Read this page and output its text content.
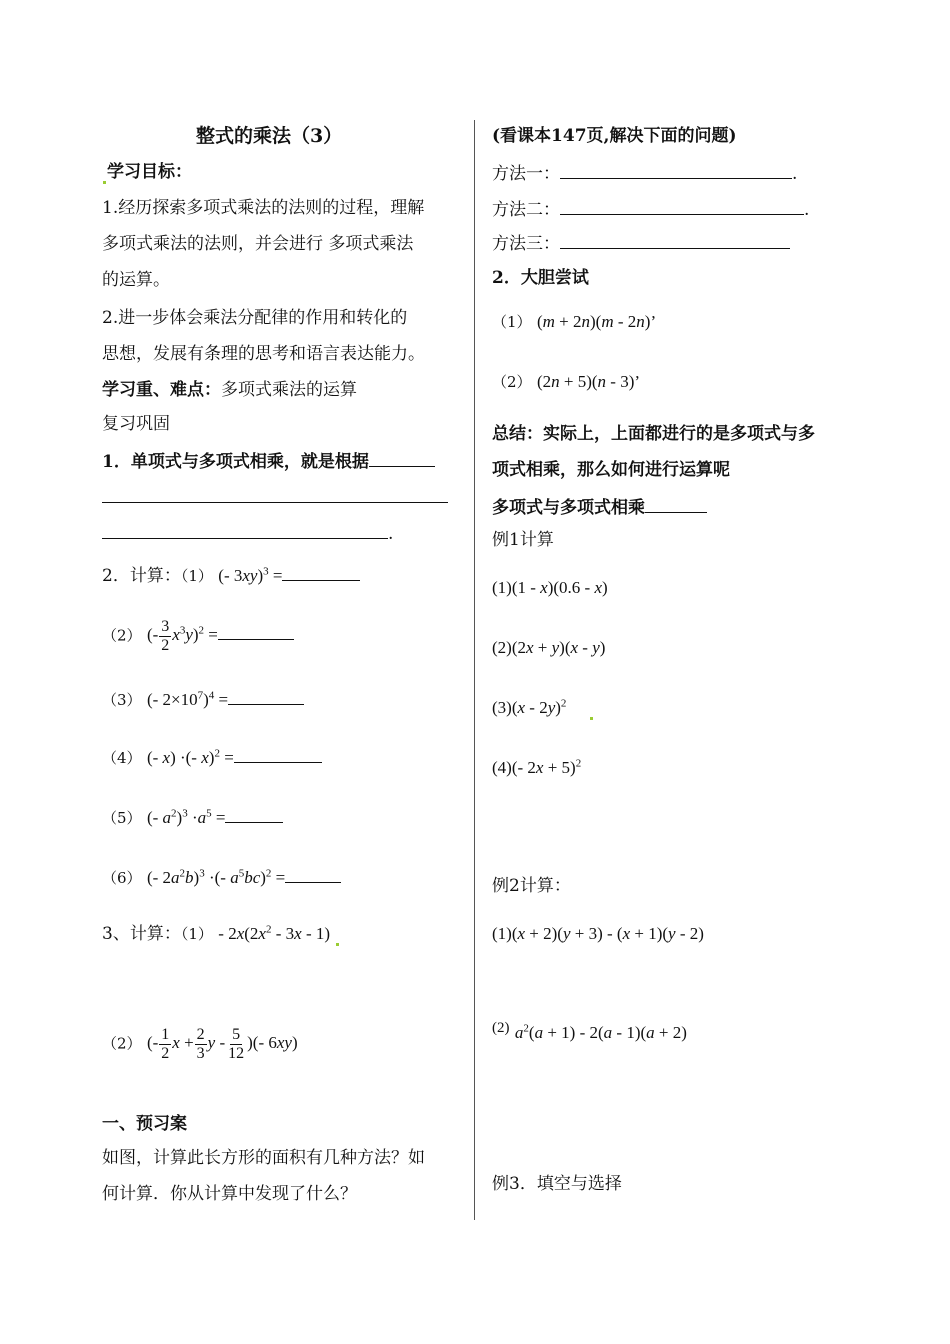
整式的乘法（3）
学习目标：
1.经历探索多项式乘法的法则的过程，理解
多项式乘法的法则，并会进行 多项式乘法
的运算。
2.进一步体会乘法分配律的作用和转化的
思想，发展有条理的思考和语言表达能力。
学习重、难点：多项式乘法的运算
复习巩固
1．单项式与多项式相乘，就是根据
.
2．计算：（1） (- 3xy)$^3$ =
（2） (- $\frac{3}{2} x^3y)^2$ =
（3） (- $2\times 10^7)^4$ =
（4） (- x) ·(- x)$^2$ =
（5） (- $a^2)^3 \cdot a^5$ =
（6） (- $2a^2b)^3$ ·(- $a^5bc)^2$ =
3、计算：$(1) - 2x(2x^2 - 3x - 1)$
（2） (- $\frac{1}{2}$ $x + \frac{2}{3}$ y - $\frac{5}{12}$ )(- 6xy)
一、预习案
如图，计算此长方形的面积有几种方法？如
何计算．你从计算中发现了什么？
(看课本147页,解决下面的问题)
方法一：	.
方法二：	.
方法三：
2．大胆尝试
（1） (m + 2n)(m - 2n)’
（2） (2n + 5)(n - 3)’
总结：实际上，上面都进行的是多项式与多
项式相乘，那么如何进行运算呢
多项式与多项式相乘
例1计算
(1)(1 - x)(0.6 - x)
(2)(2x + y)(x - y)
(3)(x - 2y)$^2$
(4)(- 2x + 5)$^2$
例2计算：
(1)(x + 2)(y + 3) - (x + 1)(y - 2)
(2) $a^2(a + 1) - 2(a - 1)(a + 2)$
例3．填空与选择
